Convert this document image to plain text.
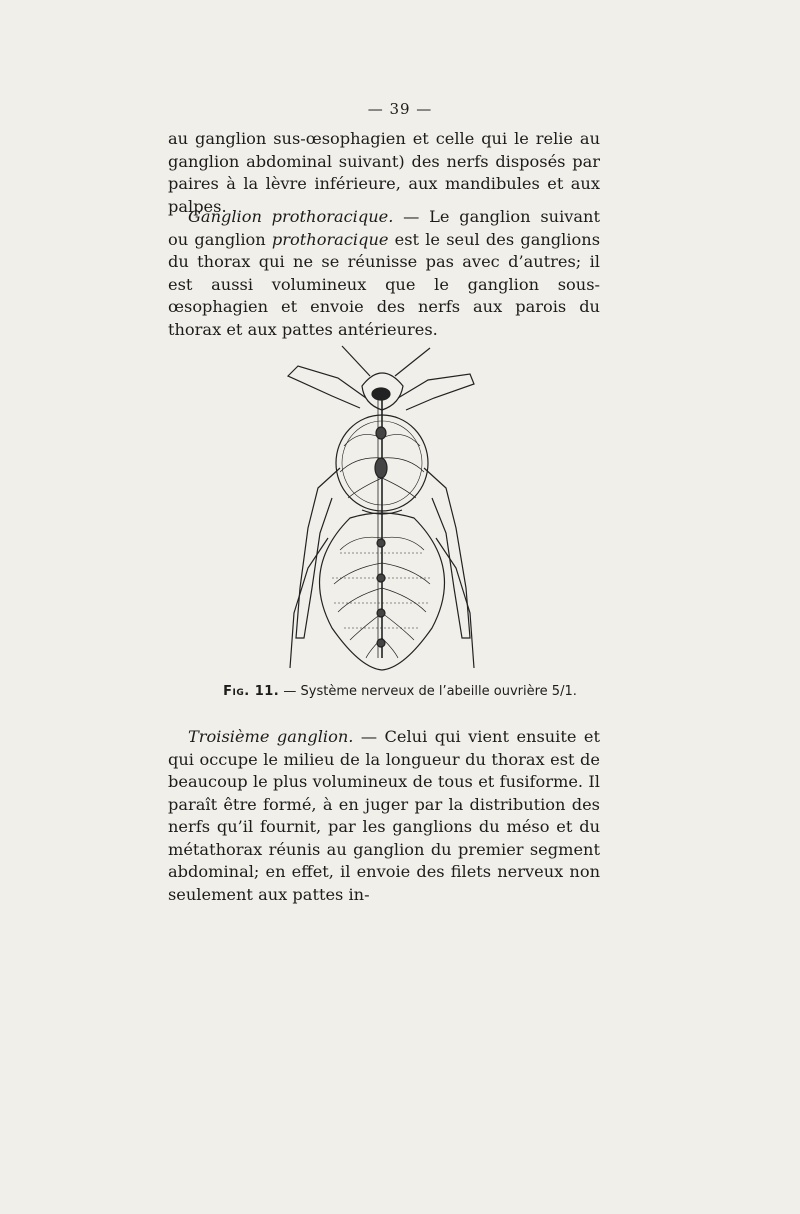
— 39 —

au ganglion sus-œsophagien et celle qui le relie au ganglion abdominal suivant) des nerfs disposés par paires à la lèvre inférieure, aux mandibules et aux palpes.

Ganglion prothoracique. — Le ganglion suivant ou ganglion prothoracique est le seul des ganglions du thorax qui ne se réunisse pas avec d’autres; il est aussi volumineux que le ganglion sous-œsophagien et envoie des nerfs aux parois du thorax et aux pattes antérieures.

Fig. 11. — Système nerveux de l’abeille ouvrière 5/1.

Troisième ganglion. — Celui qui vient ensuite et qui occupe le milieu de la longueur du thorax est de beaucoup le plus volumineux de tous et fusiforme. Il paraît être formé, à en juger par la distribution des nerfs qu’il fournit, par les ganglions du méso et du métathorax réunis au ganglion du premier segment abdominal; en effet, il envoie des filets nerveux non seulement aux pattes in-
